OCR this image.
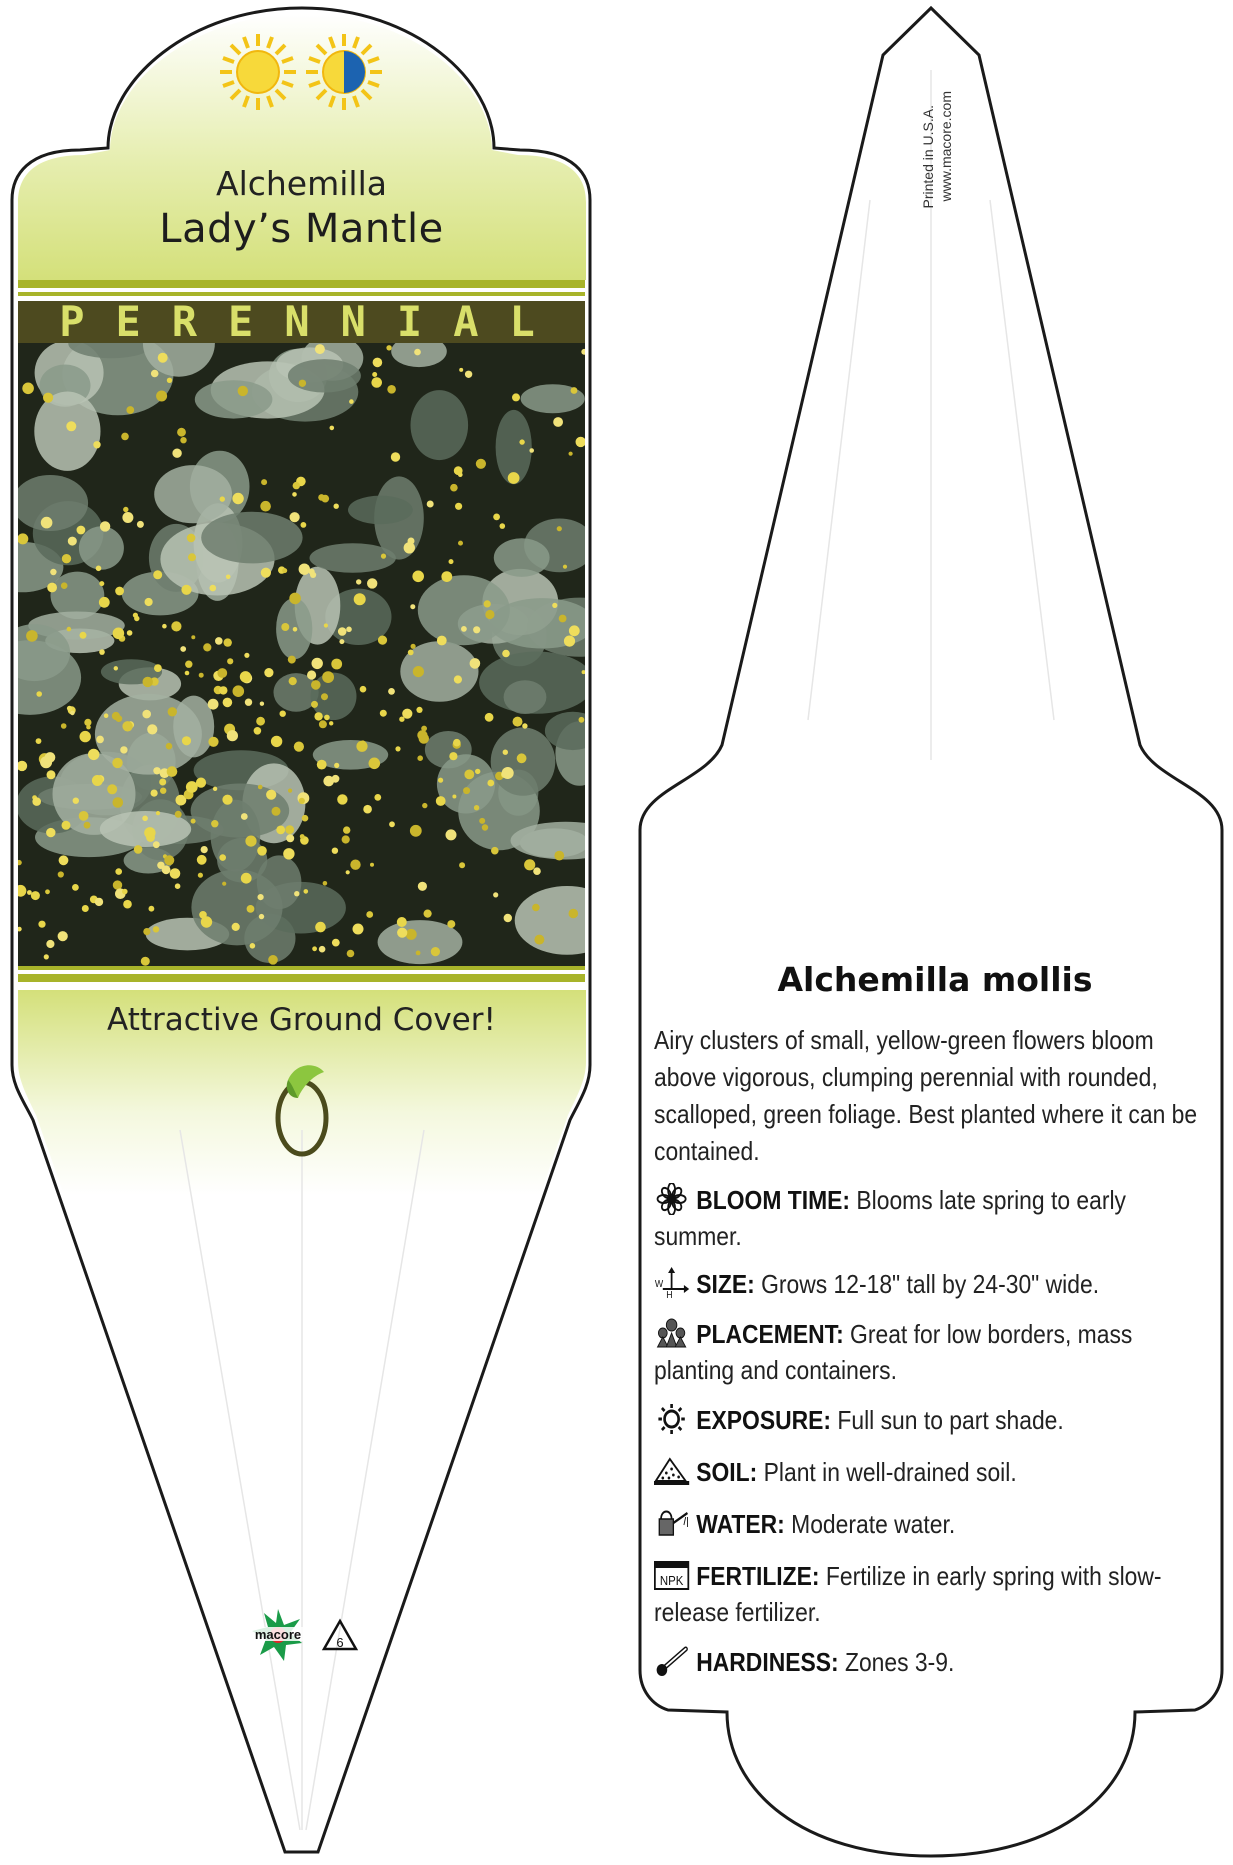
Alchemilla
Lady’s Mantle
PERENNIAL
Attractive Ground Cover!
macore
6
Printed in U.S.A. www.macore.com
Alchemilla mollis
Airy clusters of small, yellow-green flowers bloom above vigorous, clumping perennial with rounded, scalloped, green foliage. Best planted where it can be contained.
BLOOM TIME: Blooms late spring to early summer.
W
H SIZE: Grows 12-18" tall by 24-30" wide.
PLACEMENT: Great for low borders, mass planting and containers.
EXPOSURE: Full sun to part shade.
SOIL: Plant in well-drained soil.
WATER: Moderate water.
NPK FERTILIZE: Fertilize in early spring with slow-release fertilizer.
HARDINESS: Zones 3-9.
